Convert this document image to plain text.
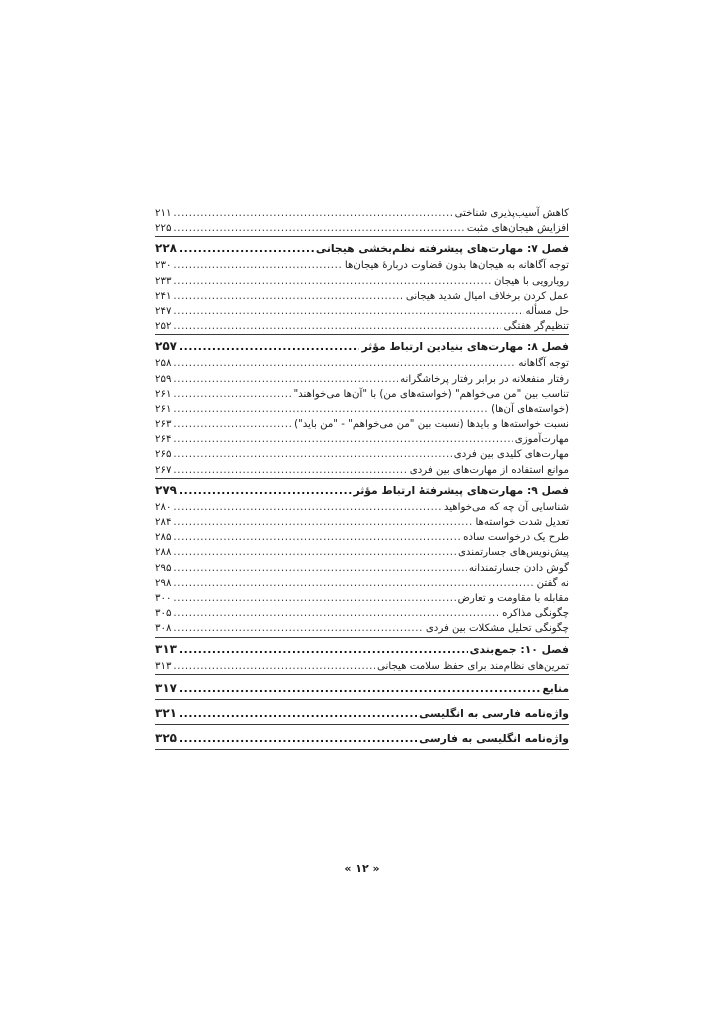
کاهش آسیب‌پذیری شناختی
.....
۲۱۱
افزایش هیجان‌های مثبت
.....
۲۲۵
فصل ۷: مهارت‌های پیشرفته نظم‌بخشی هیجانی
.....
۲۲۸
توجه آگاهانه به هیجان‌ها بدون قضاوت دربارهٔ هیجان‌ها
.....
۲۳۰
رویارویی با هیجان
.....
۲۳۳
عمل کردن برخلاف امیال شدید هیجانی
.....
۲۴۱
حل مسأله
.....
۲۴۷
تنظیم‌گر هفتگی
.....
۲۵۲
فصل ۸: مهارت‌های بنیادین ارتباط مؤثر
.....
۲۵۷
توجه آگاهانه
.....
۲۵۸
رفتار منفعلانه در برابر رفتار پرخاشگرانه
.....
۲۵۹
تناسب بین "من می‌خواهم" (خواسته‌های من) با "آن‌ها می‌خواهند"
.....
۲۶۱
(خواسته‌های آن‌ها)
.....
۲۶۱
نسبت خواسته‌ها و بایدها (نسبت بین "من می‌خواهم" - "من باید")
.....
۲۶۳
مهارت‌آموزی
.....
۲۶۴
مهارت‌های کلیدی بین فردی
.....
۲۶۵
موانع استفاده از مهارت‌های بین فردی
.....
۲۶۷
فصل ۹: مهارت‌های پیشرفتهٔ ارتباط مؤثر
.....
۲۷۹
شناسایی آن چه که می‌خواهید
.....
۲۸۰
تعدیل شدت خواسته‌ها
.....
۲۸۴
طرح یک درخواست ساده
.....
۲۸۵
پیش‌نویس‌های جسارتمندی
.....
۲۸۸
گوش دادن جسارتمندانه
.....
۲۹۵
نه گفتن
.....
۲۹۸
مقابله با مقاومت و تعارض
.....
۳۰۰
چگونگی مذاکره
.....
۳۰۵
چگونگی تحلیل مشکلات بین فردی
.....
۳۰۸
فصل ۱۰: جمع‌بندی
.....
۳۱۳
تمرین‌های نظام‌مند برای حفظ سلامت هیجانی
.....
۳۱۳
منابع
.....
۳۱۷
واژه‌نامه فارسی به انگلیسی
.....
۳۲۱
واژه‌نامه انگلیسی به فارسی
.....
۳۲۵
« ۱۲ »
